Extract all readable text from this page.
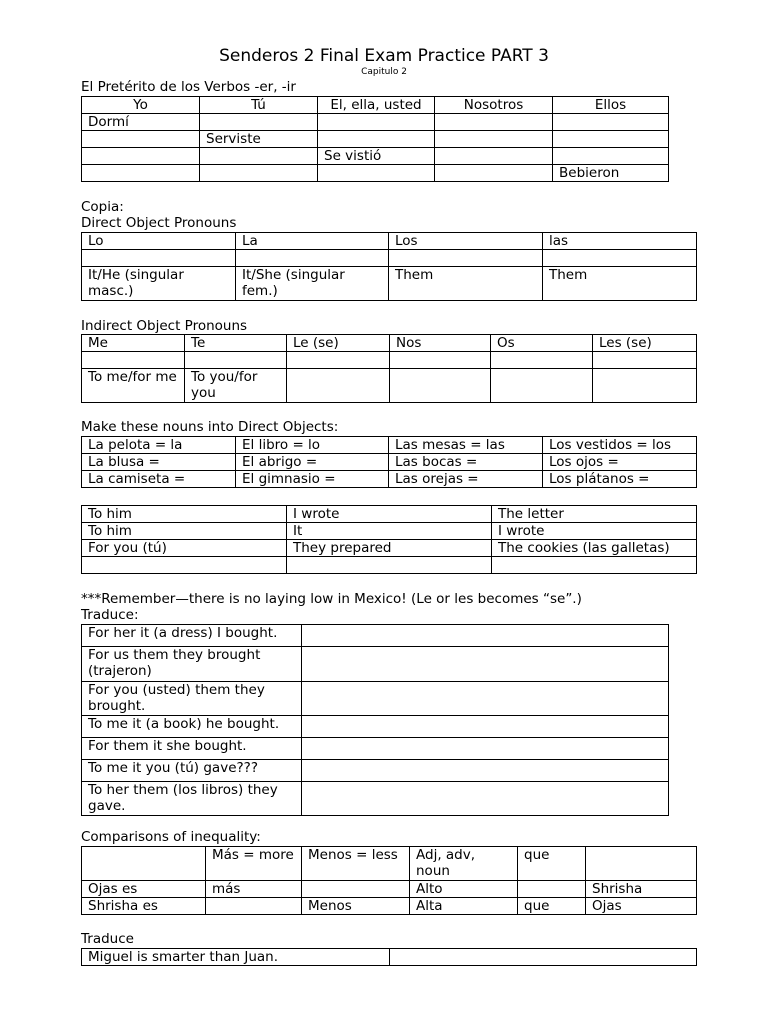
Senderos 2 Final Exam Practice PART 3
Capitulo 2
El Pretérito de los Verbos -er, -ir
Yo	Tú	El, ella, usted	Nosotros	Ellos
Dormí				
	Serviste			
		Se vistió		
				Bebieron
Copia:
Direct Object Pronouns
Lo	La	Los	las

It/He (singular masc.)	It/She (singular fem.)	Them	Them
Indirect Object Pronouns
Me	Te	Le (se)	Nos	Os	Les (se)

To me/for me	To you/for you				
Make these nouns into Direct Objects:
La pelota = la	El libro = lo	Las mesas = las	Los vestidos = los
La blusa =	El abrigo =	Las bocas =	Los ojos =
La camiseta =	El gimnasio =	Las orejas =	Los plátanos =
To him	I wrote	The letter
To him	It	I wrote
For you (tú)	They prepared	The cookies (las galletas)

***Remember—there is no laying low in Mexico! (Le or les becomes “se”.)
Traduce:
For her it (a dress) I bought.	
For us them they brought (trajeron)	
For you (usted) them they brought.	
To me it (a book) he bought.	
For them it she bought.	
To me it you (tú) gave???	
To her them (los libros) they gave.	
Comparisons of inequality:
	Más = more	Menos = less	Adj, adv, noun	que	
Ojas es	más		Alto		Shrisha
Shrisha es		Menos	Alta	que	Ojas
Traduce
Miguel is smarter than Juan.	
